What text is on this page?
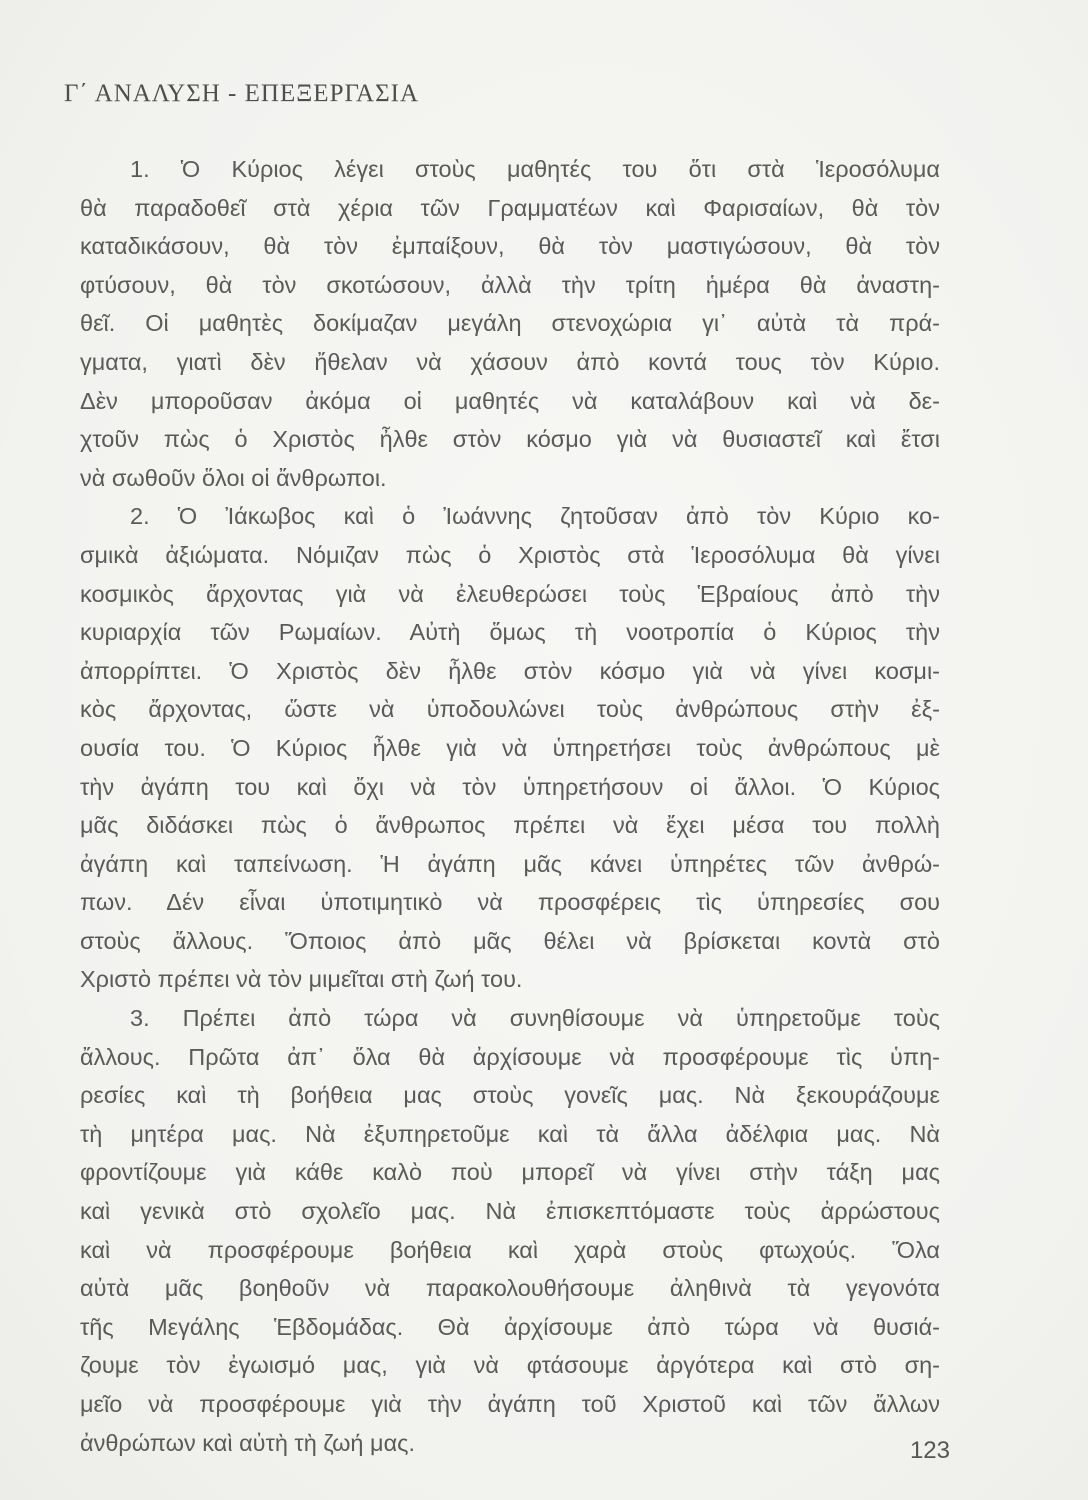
Γ΄ ΑΝΑΛΥΣΗ - ΕΠΕΞΕΡΓΑΣΙΑ
1. Ὁ Κύριος λέγει στοὺς μαθητές του ὅτι στὰ Ἱεροσόλυμα
θὰ παραδοθεῖ στὰ χέρια τῶν Γραμματέων καὶ Φαρισαίων, θὰ τὸν
καταδικάσουν, θὰ τὸν ἐμπαίξουν, θὰ τὸν μαστιγώσουν, θὰ τὸν
φτύσουν, θὰ τὸν σκοτώσουν, ἀλλὰ τὴν τρίτη ἡμέρα θὰ ἀναστη-
θεῖ. Οἱ μαθητὲς δοκίμαζαν μεγάλη στενοχώρια γι᾽ αὐτὰ τὰ πρά-
γματα, γιατὶ δὲν ἤθελαν νὰ χάσουν ἀπὸ κοντά τους τὸν Κύριο.
Δὲν μποροῦσαν ἀκόμα οἱ μαθητές νὰ καταλάβουν καὶ νὰ δε-
χτοῦν πὼς ὁ Χριστὸς ἦλθε στὸν κόσμο γιὰ νὰ θυσιαστεῖ καὶ ἔτσι
νὰ σωθοῦν ὅλοι οἱ ἄνθρωποι.
2. Ὁ Ἰάκωβος καὶ ὁ Ἰωάννης ζητοῦσαν ἀπὸ τὸν Κύριο κο-
σμικὰ ἀξιώματα. Νόμιζαν πὼς ὁ Χριστὸς στὰ Ἱεροσόλυμα θὰ γίνει
κοσμικὸς ἄρχοντας γιὰ νὰ ἐλευθερώσει τοὺς Ἑβραίους ἀπὸ τὴν
κυριαρχία τῶν Ρωμαίων. Αὐτὴ ὅμως τὴ νοοτροπία ὁ Κύριος τὴν
ἀπορρίπτει. Ὁ Χριστὸς δὲν ἦλθε στὸν κόσμο γιὰ νὰ γίνει κοσμι-
κὸς ἄρχοντας, ὥστε νὰ ὑποδουλώνει τοὺς ἀνθρώπους στὴν ἐξ-
ουσία του. Ὁ Κύριος ἦλθε γιὰ νὰ ὑπηρετήσει τοὺς ἀνθρώπους μὲ
τὴν ἀγάπη του καὶ ὄχι νὰ τὸν ὑπηρετήσουν οἱ ἄλλοι. Ὁ Κύριος
μᾶς διδάσκει πὼς ὁ ἄνθρωπος πρέπει νὰ ἔχει μέσα του πολλὴ
ἀγάπη καὶ ταπείνωση. Ἡ ἀγάπη μᾶς κάνει ὑπηρέτες τῶν ἀνθρώ-
πων. Δέν εἶναι ὑποτιμητικὸ νὰ προσφέρεις τὶς ὑπηρεσίες σου
στοὺς ἄλλους. Ὅποιος ἀπὸ μᾶς θέλει νὰ βρίσκεται κοντὰ στὸ
Χριστὸ πρέπει νὰ τὸν μιμεῖται στὴ ζωή του.
3. Πρέπει ἀπὸ τώρα νὰ συνηθίσουμε νὰ ὑπηρετοῦμε τοὺς
ἄλλους. Πρῶτα ἀπ᾽ ὅλα θὰ ἀρχίσουμε νὰ προσφέρουμε τὶς ὑπη-
ρεσίες καὶ τὴ βοήθεια μας στοὺς γονεῖς μας. Νὰ ξεκουράζουμε
τὴ μητέρα μας. Νὰ ἐξυπηρετοῦμε καὶ τὰ ἄλλα ἀδέλφια μας. Νὰ
φροντίζουμε γιὰ κάθε καλὸ ποὺ μπορεῖ νὰ γίνει στὴν τάξη μας
καὶ γενικὰ στὸ σχολεῖο μας. Νὰ ἐπισκεπτόμαστε τοὺς ἀρρώστους
καὶ νὰ προσφέρουμε βοήθεια καὶ χαρὰ στοὺς φτωχούς. Ὅλα
αὐτὰ μᾶς βοηθοῦν νὰ παρακολουθήσουμε ἀληθινὰ τὰ γεγονότα
τῆς Μεγάλης Ἑβδομάδας. Θὰ ἀρχίσουμε ἀπὸ τώρα νὰ θυσιά-
ζουμε τὸν ἐγωισμό μας, γιὰ νὰ φτάσουμε ἀργότερα καὶ στὸ ση-
μεῖο νὰ προσφέρουμε γιὰ τὴν ἀγάπη τοῦ Χριστοῦ καὶ τῶν ἄλλων
ἀνθρώπων καὶ αὐτὴ τὴ ζωή μας.	123
